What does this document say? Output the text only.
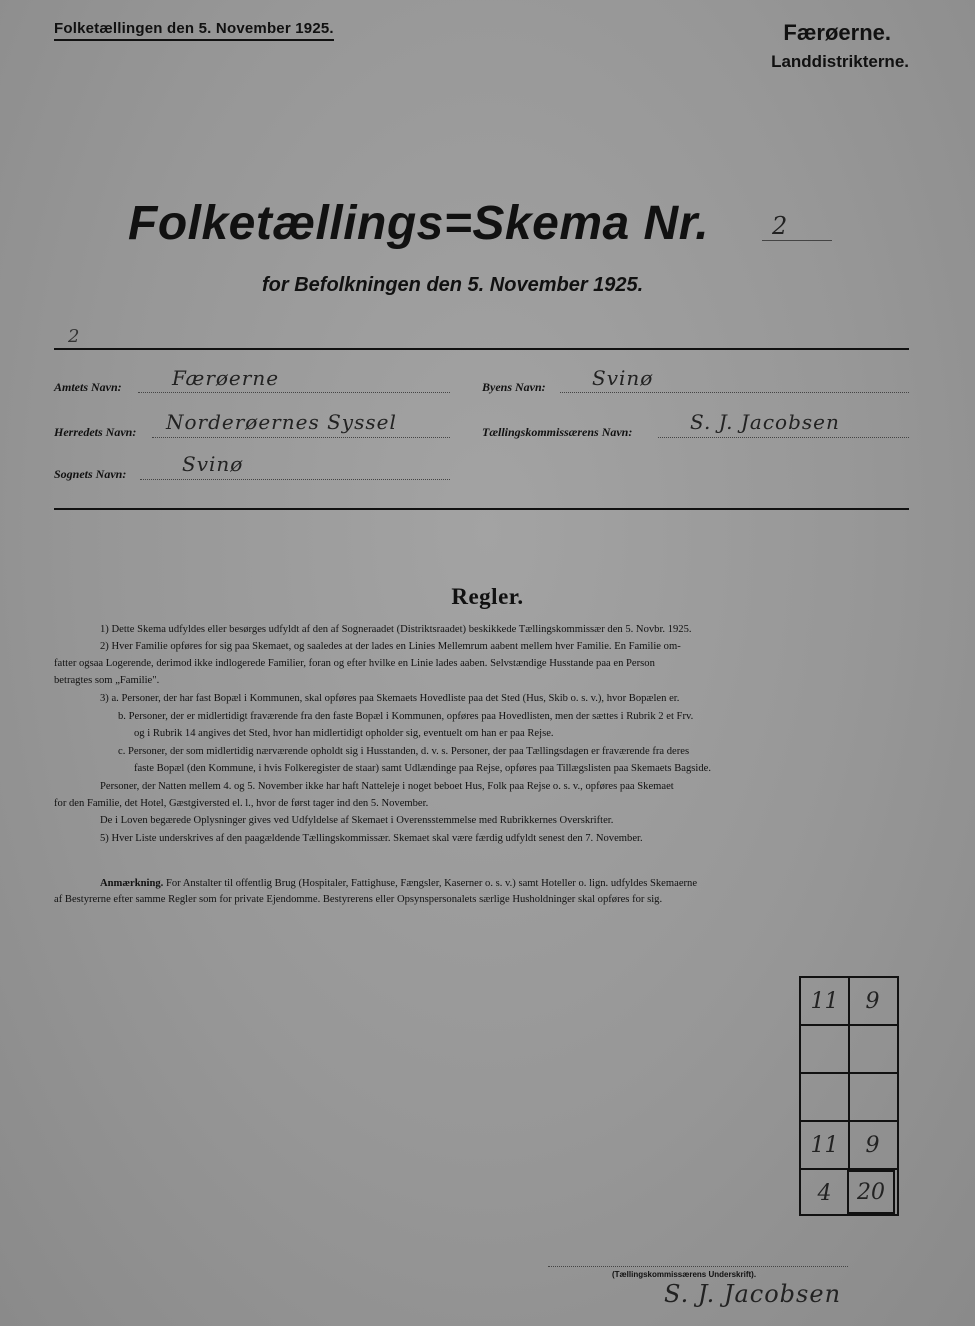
Folketællingen den 5. November 1925.	Færøerne.
Landdistrikterne.
Folketællings=Skema Nr.	2
for Befolkningen den 5. November 1925.
2
Amtets Navn:	Færøerne	Byens Navn: Svinø
Herredets Navn: Norderøernes Syssel	Tællingskommissærens Navn:	S. J. Jacobsen
Sognets Navn:	Svinø
Regler.
1) Dette Skema udfyldes eller besørges udfyldt af den af Sogneraadet (Distriktsraadet) beskikkede Tællingskommissær den 5. Novbr. 1925.
2) Hver Familie opføres for sig paa Skemaet, og saaledes at der lades en Linies Mellemrum aabent mellem hver Familie. En Familie om-
fatter ogsaa Logerende, derimod ikke indlogerede Familier, foran og efter hvilke en Linie lades aaben. Selvstændige Husstande paa en Person
betragtes som „Familie".
3) a. Personer, der har fast Bopæl i Kommunen, skal opføres paa Skemaets Hovedliste paa det Sted (Hus, Skib o. s. v.), hvor Bopælen er.
b. Personer, der er midlertidigt fraværende fra den faste Bopæl i Kommunen, opføres paa Hovedlisten, men der sættes i Rubrik 2 et Frv.
og i Rubrik 14 angives det Sted, hvor han midlertidigt opholder sig, eventuelt om han er paa Rejse.
c. Personer, der som midlertidig nærværende opholdt sig i Husstanden, d. v. s. Personer, der paa Tællingsdagen er fraværende fra deres
faste Bopæl (den Kommune, i hvis Folkeregister de staar) samt Udlændinge paa Rejse, opføres paa Tillægslisten paa Skemaets Bagside.
Personer, der Natten mellem 4. og 5. November ikke har haft Natteleje i noget beboet Hus, Folk paa Rejse o. s. v., opføres paa Skemaet
for den Familie, det Hotel, Gæstgiversted el. l., hvor de først tager ind den 5. November.
De i Loven begærede Oplysninger gives ved Udfyldelse af Skemaet i Overensstemmelse med Rubrikkernes Overskrifter.
5) Hver Liste underskrives af den paagældende Tællingskommissær. Skemaet skal være færdig udfyldt senest den 7. November.
Anmærkning. For Anstalter til offentlig Brug (Hospitaler, Fattighuse, Fængsler, Kaserner o. s. v.) samt Hoteller o. lign. udfyldes Skemaerne
af Bestyrerne efter samme Regler som for private Ejendomme. Bestyrerens eller Opsynspersonalets særlige Husholdninger skal opføres for sig.
11	9
11	9
4	20
(Tællingskommissærens Underskrift).
S. J. Jacobsen
